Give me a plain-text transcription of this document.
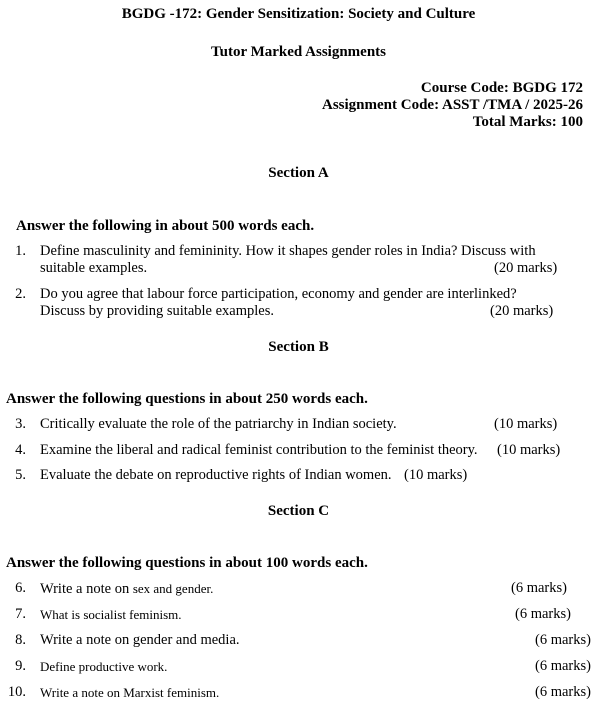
BGDG -172: Gender Sensitization: Society and Culture
Tutor Marked Assignments
Course Code: BGDG 172
Assignment Code: ASST /TMA / 2025-26
Total Marks: 100
Section A
Answer the following in about 500 words each.
1. Define masculinity and femininity. How it shapes gender roles in India? Discuss with
suitable examples.	(20 marks)
2. Do you agree that labour force participation, economy and gender are interlinked?
Discuss by providing suitable examples.	(20 marks)
Section B
Answer the following questions in about 250 words each.
3. Critically evaluate the role of the patriarchy in Indian society.	(10 marks)
4. Examine the liberal and radical feminist contribution to the feminist theory. (10 marks)
5. Evaluate the debate on reproductive rights of Indian women. (10 marks)
Section C
Answer the following questions in about 100 words each.
6. Write a note on sex and gender.	(6 marks)
7. What is socialist feminism.	(6 marks)
8. Write a note on gender and media.	(6 marks)
9. Define productive work.	(6 marks)
10. Write a note on Marxist feminism.	(6 marks)
